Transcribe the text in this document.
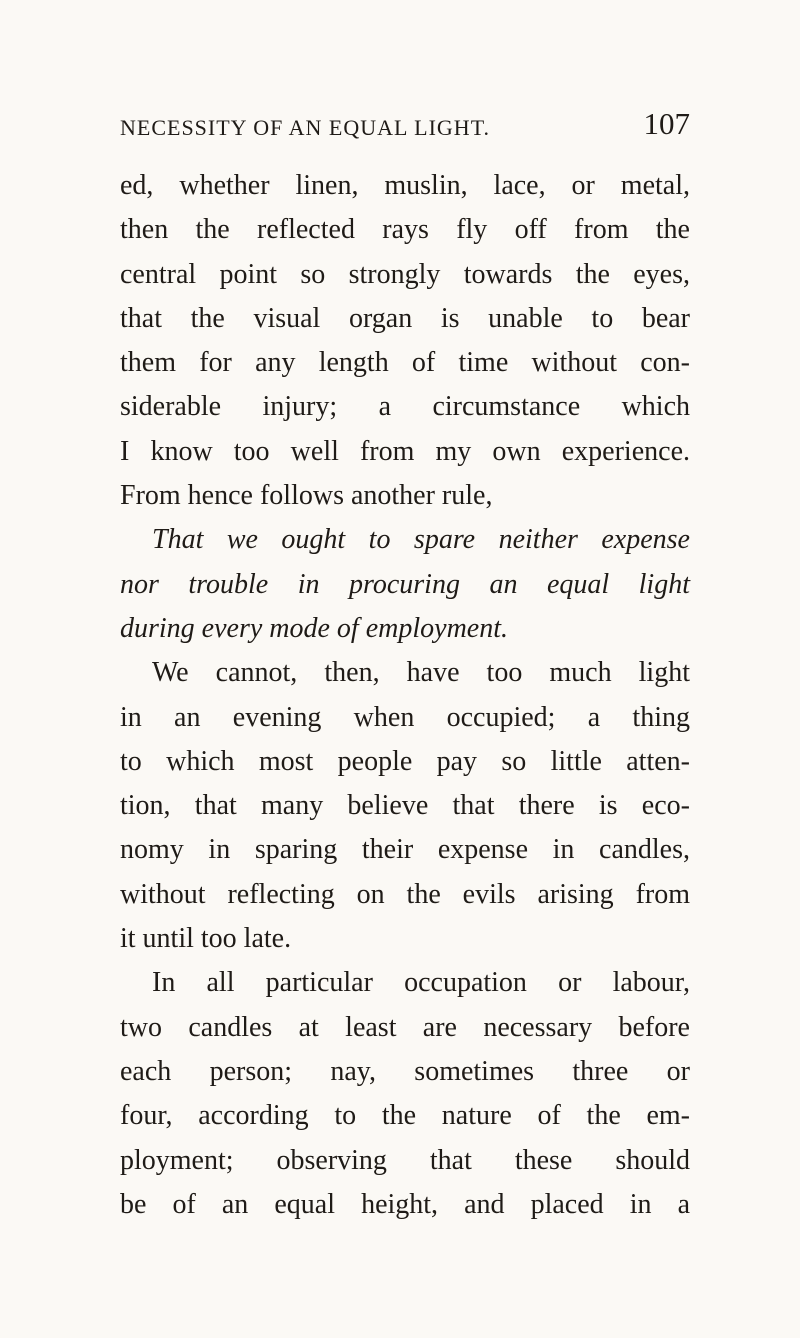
NECESSITY OF AN EQUAL LIGHT.	107
ed, whether linen, muslin, lace, or metal,
then the reflected rays fly off from the
central point so strongly towards the eyes,
that the visual organ is unable to bear
them for any length of time without con-
siderable injury; a circumstance which
I know too well from my own experience.
From hence follows another rule,
That we ought to spare neither expense
nor trouble in procuring an equal light
during every mode of employment.
We cannot, then, have too much light
in an evening when occupied; a thing
to which most people pay so little atten-
tion, that many believe that there is eco-
nomy in sparing their expense in candles,
without reflecting on the evils arising from
it until too late.
In all particular occupation or labour,
two candles at least are necessary before
each person; nay, sometimes three or
four, according to the nature of the em-
ployment; observing that these should
be of an equal height, and placed in a
